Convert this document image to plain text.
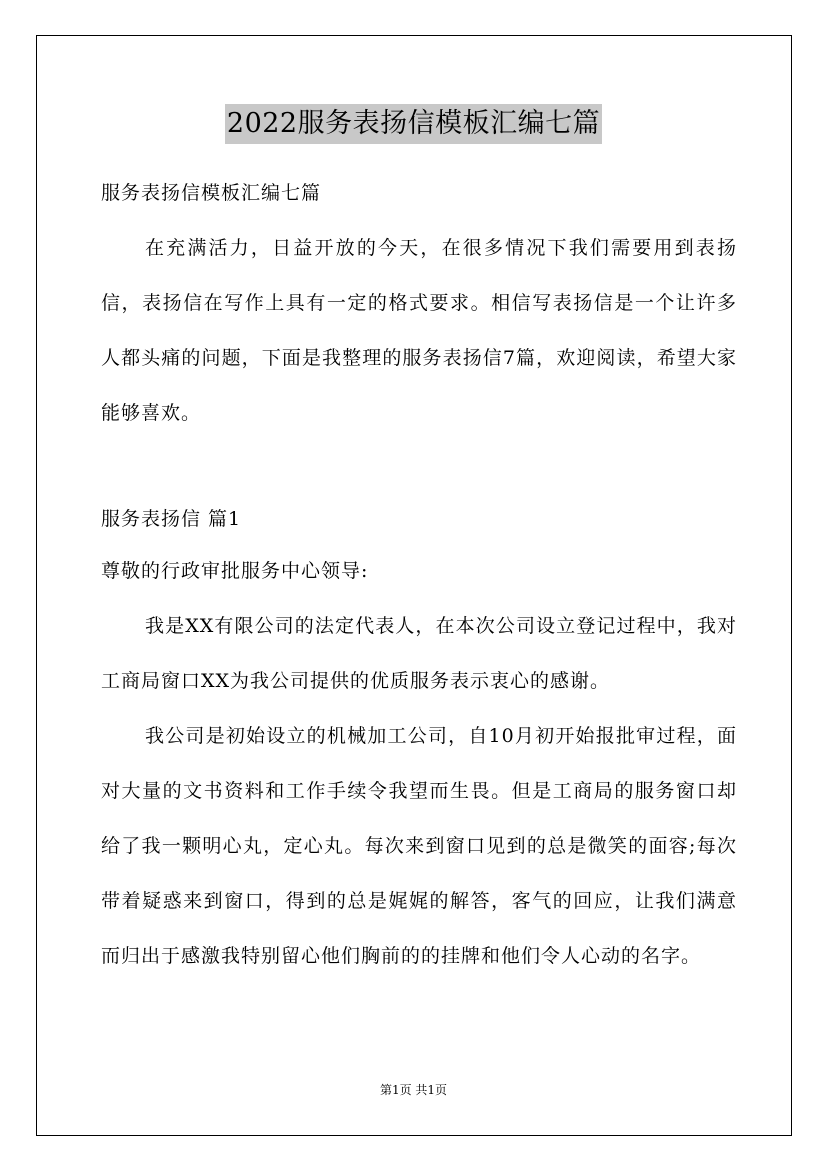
2022服务表扬信模板汇编七篇
服务表扬信模板汇编七篇
在充满活力，日益开放的今天，在很多情况下我们需要用到表扬信，表扬信在写作上具有一定的格式要求。相信写表扬信是一个让许多人都头痛的问题，下面是我整理的服务表扬信7篇，欢迎阅读，希望大家能够喜欢。
服务表扬信 篇1
尊敬的行政审批服务中心领导:
我是XX有限公司的法定代表人，在本次公司设立登记过程中，我对工商局窗口XX为我公司提供的优质服务表示衷心的感谢。
我公司是初始设立的机械加工公司，自10月初开始报批审过程，面对大量的文书资料和工作手续令我望而生畏。但是工商局的服务窗口却给了我一颗明心丸，定心丸。每次来到窗口见到的总是微笑的面容;每次带着疑惑来到窗口，得到的总是娓娓的解答，客气的回应，让我们满意而归出于感激我特别留心他们胸前的的挂牌和他们令人心动的名字。
第1页 共1页
